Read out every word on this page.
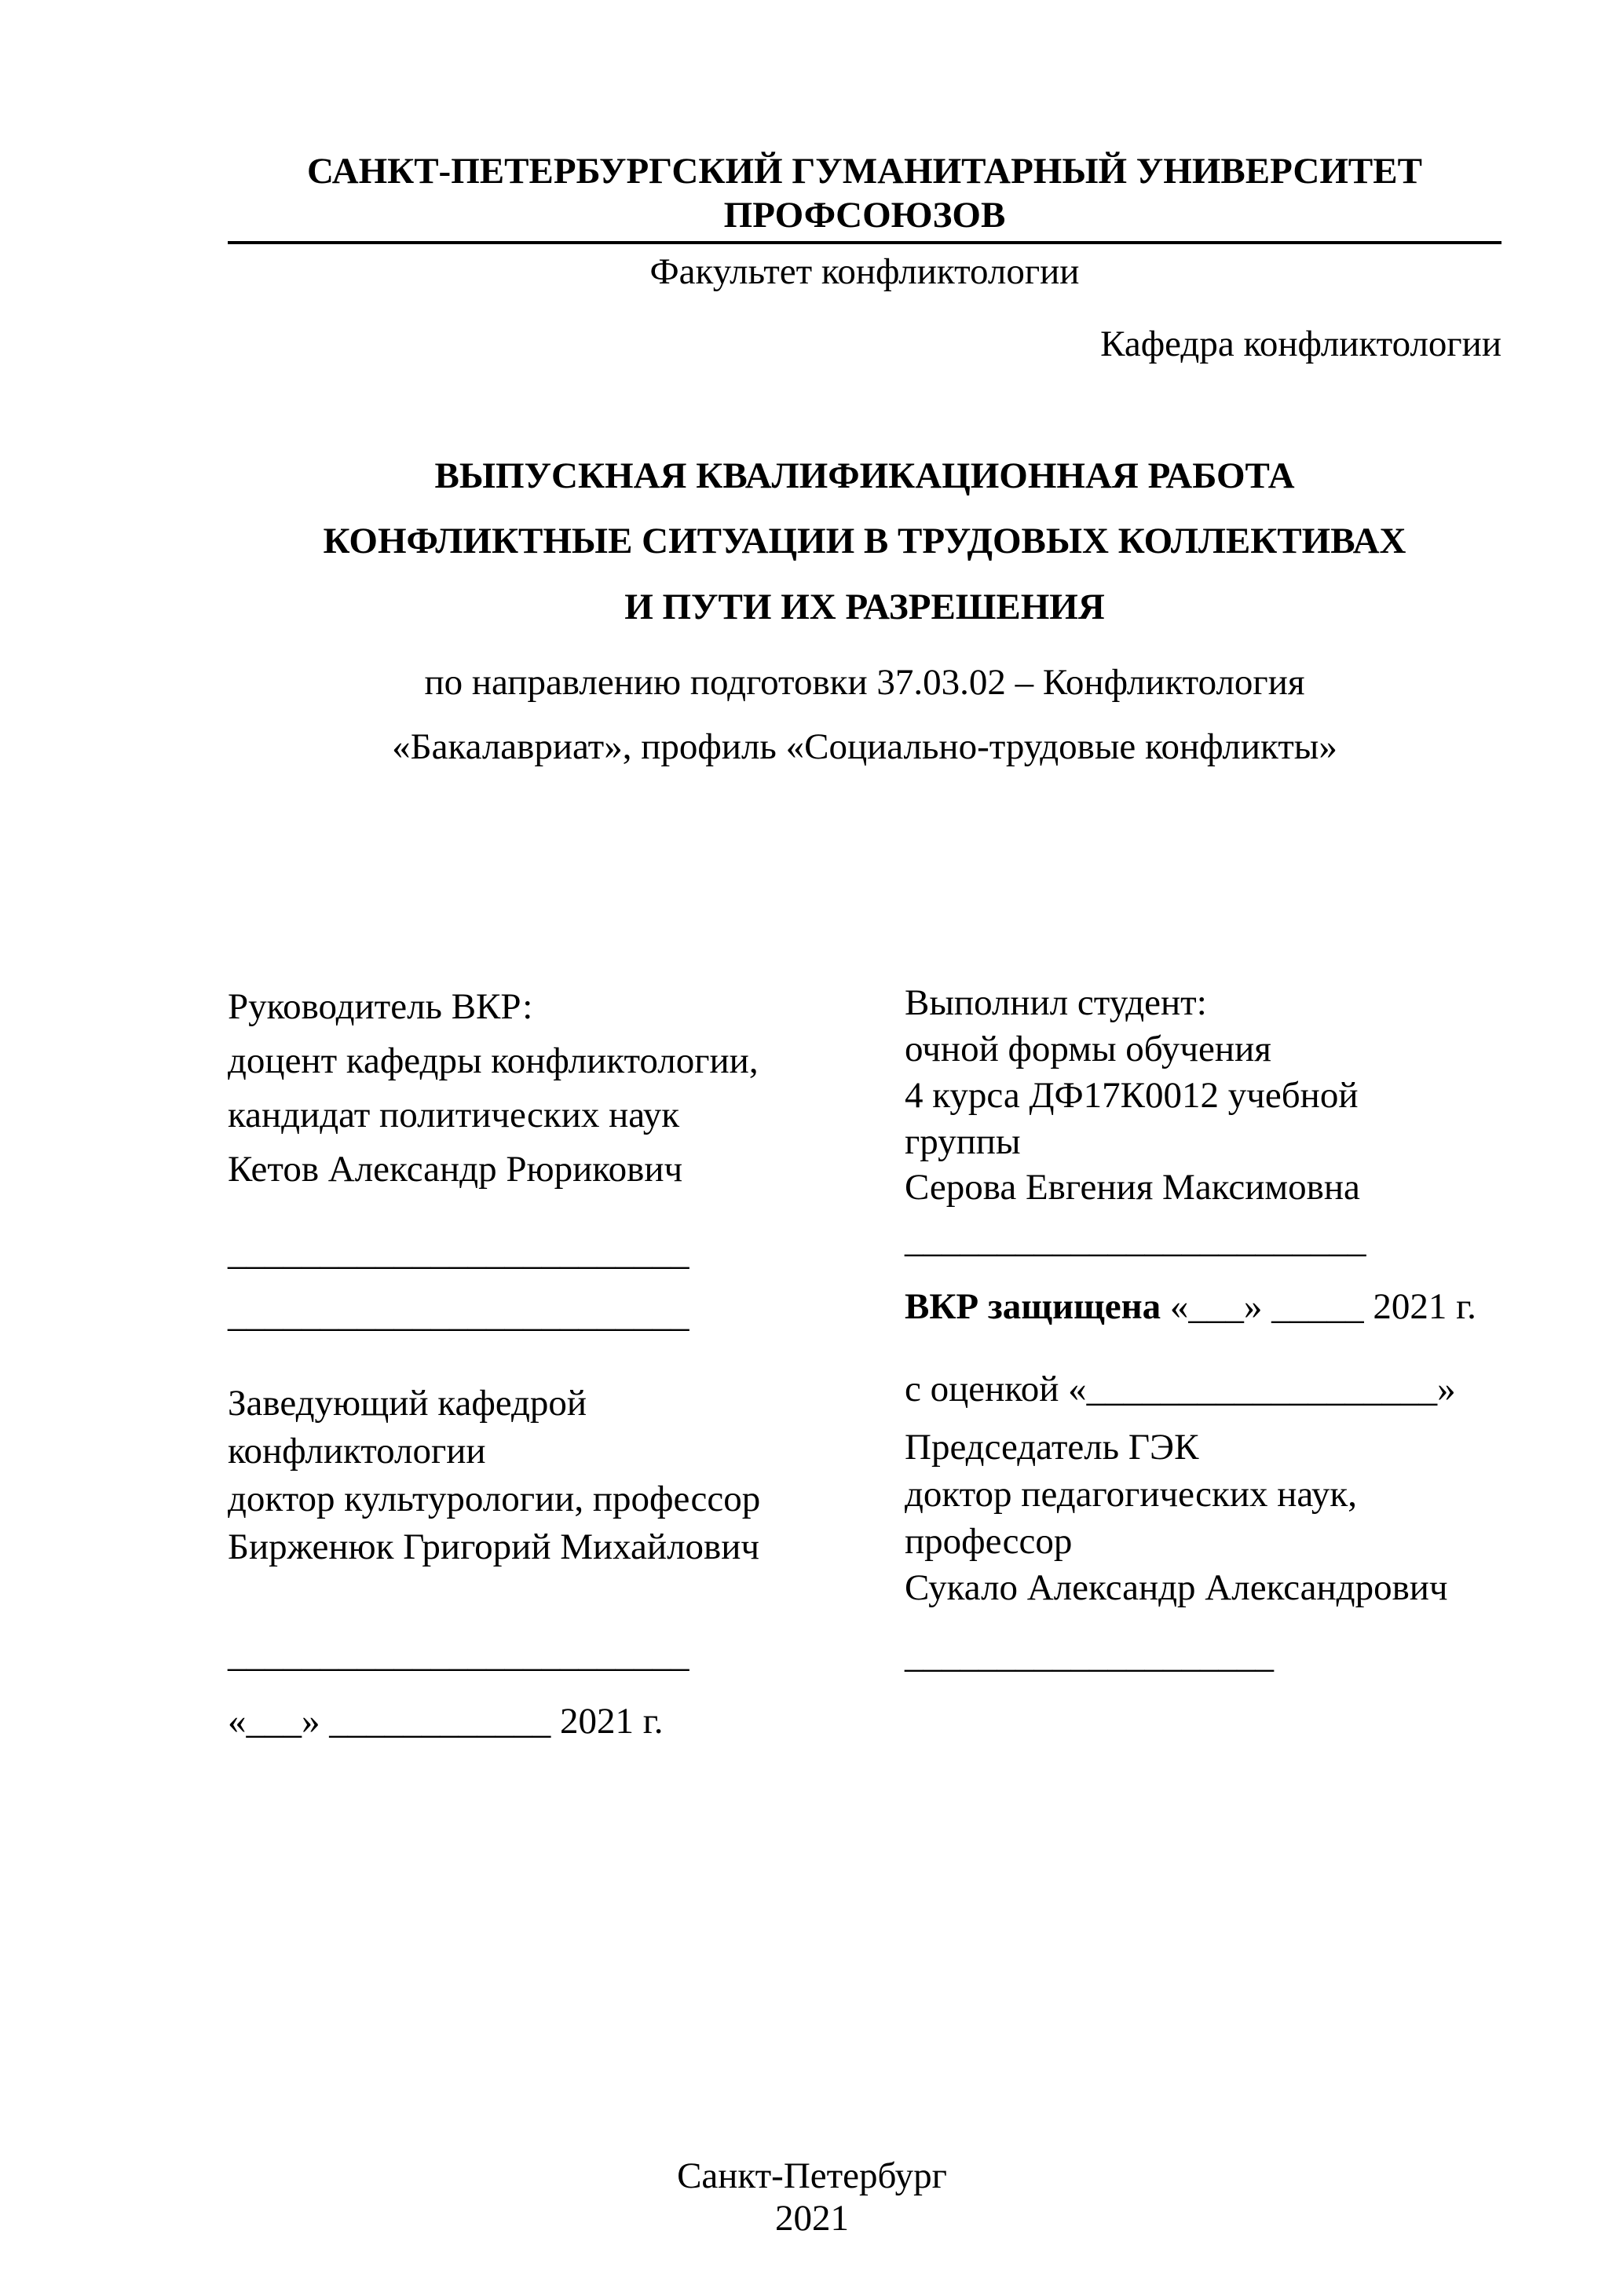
САНКТ-ПЕТЕРБУРГСКИЙ ГУМАНИТАРНЫЙ УНИВЕРСИТЕТ
ПРОФСОЮЗОВ
Факультет конфликтологии
Кафедра конфликтологии
ВЫПУСКНАЯ КВАЛИФИКАЦИОННАЯ РАБОТА
КОНФЛИКТНЫЕ СИТУАЦИИ В ТРУДОВЫХ КОЛЛЕКТИВАХ
И ПУТИ ИХ РАЗРЕШЕНИЯ
по направлению подготовки 37.03.02 – Конфликтология
«Бакалавриат», профиль «Социально-трудовые конфликты»
Руководитель ВКР:
доцент кафедры конфликтологии,
кандидат политических наук
Кетов Александр Рюрикович
_________________________
_________________________
Заведующий кафедрой
конфликтологии
доктор культурологии, профессор
Бирженюк Григорий Михайлович
_________________________
«___» ____________ 2021 г.
Выполнил студент:
очной формы обучения
4 курса ДФ17К0012 учебной
группы
Серова Евгения Максимовна
_________________________
ВКР защищена «___» _____ 2021 г.
с оценкой «___________________»
Председатель ГЭК
доктор педагогических наук,
профессор
Сукало Александр Александрович
____________________
Санкт-Петербург
2021
